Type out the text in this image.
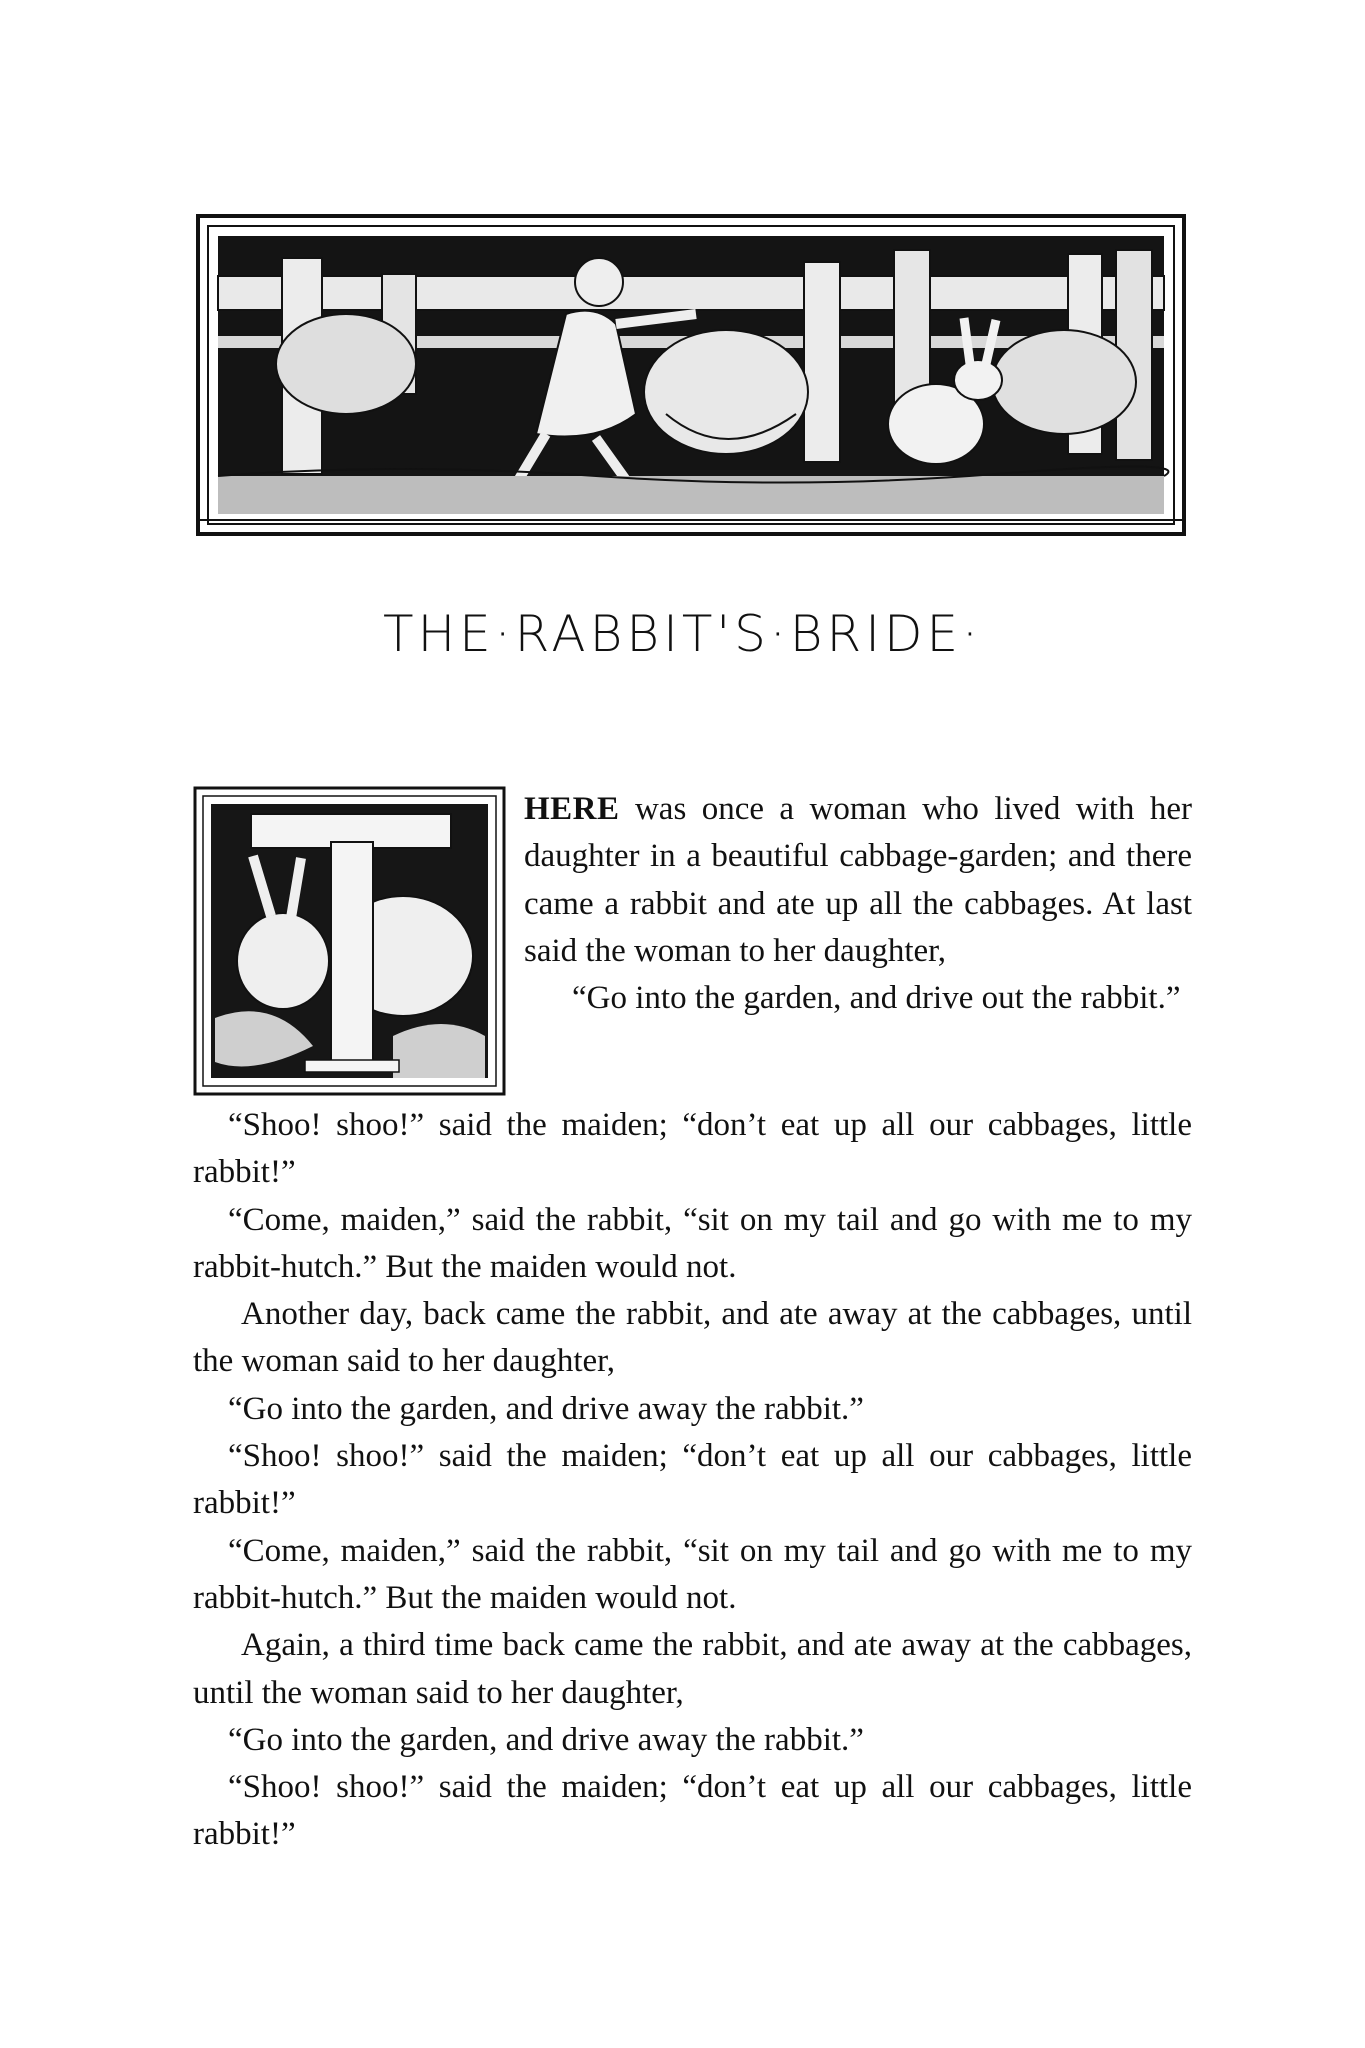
THE·RABBIT'S·BRIDE·

HERE was once a woman who lived with her daughter in a beautiful cabbage-garden; and there came a rabbit and ate up all the cabbages. At last said the woman to her daughter,

“Go into the garden, and drive out the rabbit.”

“Shoo! shoo!” said the maiden; “don’t eat up all our cabbages, little rabbit!”

“Come, maiden,” said the rabbit, “sit on my tail and go with me to my rabbit-hutch.” But the maiden would not.

Another day, back came the rabbit, and ate away at the cabbages, until the woman said to her daughter,

“Go into the garden, and drive away the rabbit.”

“Shoo! shoo!” said the maiden; “don’t eat up all our cabbages, little rabbit!”

“Come, maiden,” said the rabbit, “sit on my tail and go with me to my rabbit-hutch.” But the maiden would not.

Again, a third time back came the rabbit, and ate away at the cabbages, until the woman said to her daughter,

“Go into the garden, and drive away the rabbit.”

“Shoo! shoo!” said the maiden; “don’t eat up all our cabbages, little rabbit!”
